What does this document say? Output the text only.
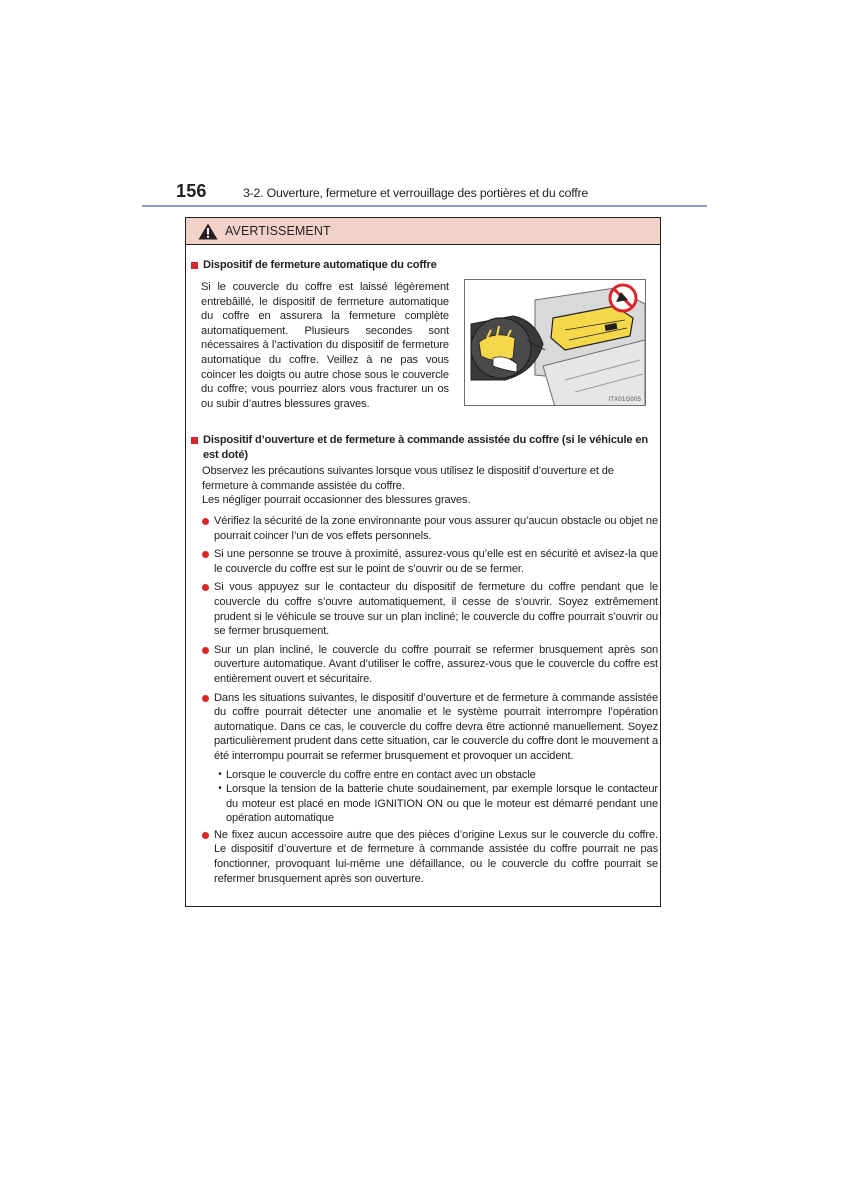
156	3-2. Ouverture, fermeture et verrouillage des portières et du coffre
AVERTISSEMENT
Dispositif de fermeture automatique du coffre
Si le couvercle du coffre est laissé légèrement entrebâillé, le dispositif de fermeture automatique du coffre en assurera la fermeture complète automatiquement. Plusieurs secondes sont nécessaires à l’activation du dispositif de fermeture automatique du coffre. Veillez à ne pas vous coincer les doigts ou autre chose sous le couvercle du coffre; vous pourriez alors vous fracturer un os ou subir d’autres blessures graves.	ITX01G005
Dispositif d’ouverture et de fermeture à commande assistée du coffre (si le véhicule en est doté)
Observez les précautions suivantes lorsque vous utilisez le dispositif d’ouverture et de fermeture à commande assistée du coffre.
Les négliger pourrait occasionner des blessures graves.
Vérifiez la sécurité de la zone environnante pour vous assurer qu’aucun obstacle ou objet ne pourrait coincer l’un de vos effets personnels.
Si une personne se trouve à proximité, assurez-vous qu’elle est en sécurité et avisez-la que le couvercle du coffre est sur le point de s’ouvrir ou de se fermer.
Si vous appuyez sur le contacteur du dispositif de fermeture du coffre pendant que le couvercle du coffre s’ouvre automatiquement, il cesse de s’ouvrir. Soyez extrêmement prudent si le véhicule se trouve sur un plan incliné; le couvercle du coffre pourrait s’ouvrir ou se fermer brusquement.
Sur un plan incliné, le couvercle du coffre pourrait se refermer brusquement après son ouverture automatique. Avant d’utiliser le coffre, assurez-vous que le couvercle du coffre est entièrement ouvert et sécuritaire.
Dans les situations suivantes, le dispositif d’ouverture et de fermeture à commande assistée du coffre pourrait détecter une anomalie et le système pourrait interrompre l’opération automatique. Dans ce cas, le couvercle du coffre devra être actionné manuellement. Soyez particulièrement prudent dans cette situation, car le couvercle du coffre dont le mouvement a été interrompu pourrait se refermer brusquement et provoquer un accident.
• Lorsque le couvercle du coffre entre en contact avec un obstacle
• Lorsque la tension de la batterie chute soudainement, par exemple lorsque le contacteur du moteur est placé en mode IGNITION ON ou que le moteur est démarré pendant une opération automatique
Ne fixez aucun accessoire autre que des pièces d’origine Lexus sur le couvercle du coffre. Le dispositif d’ouverture et de fermeture à commande assistée du coffre pourrait ne pas fonctionner, provoquant lui-même une défaillance, ou le couvercle du coffre pourrait se refermer brusquement après son ouverture.
